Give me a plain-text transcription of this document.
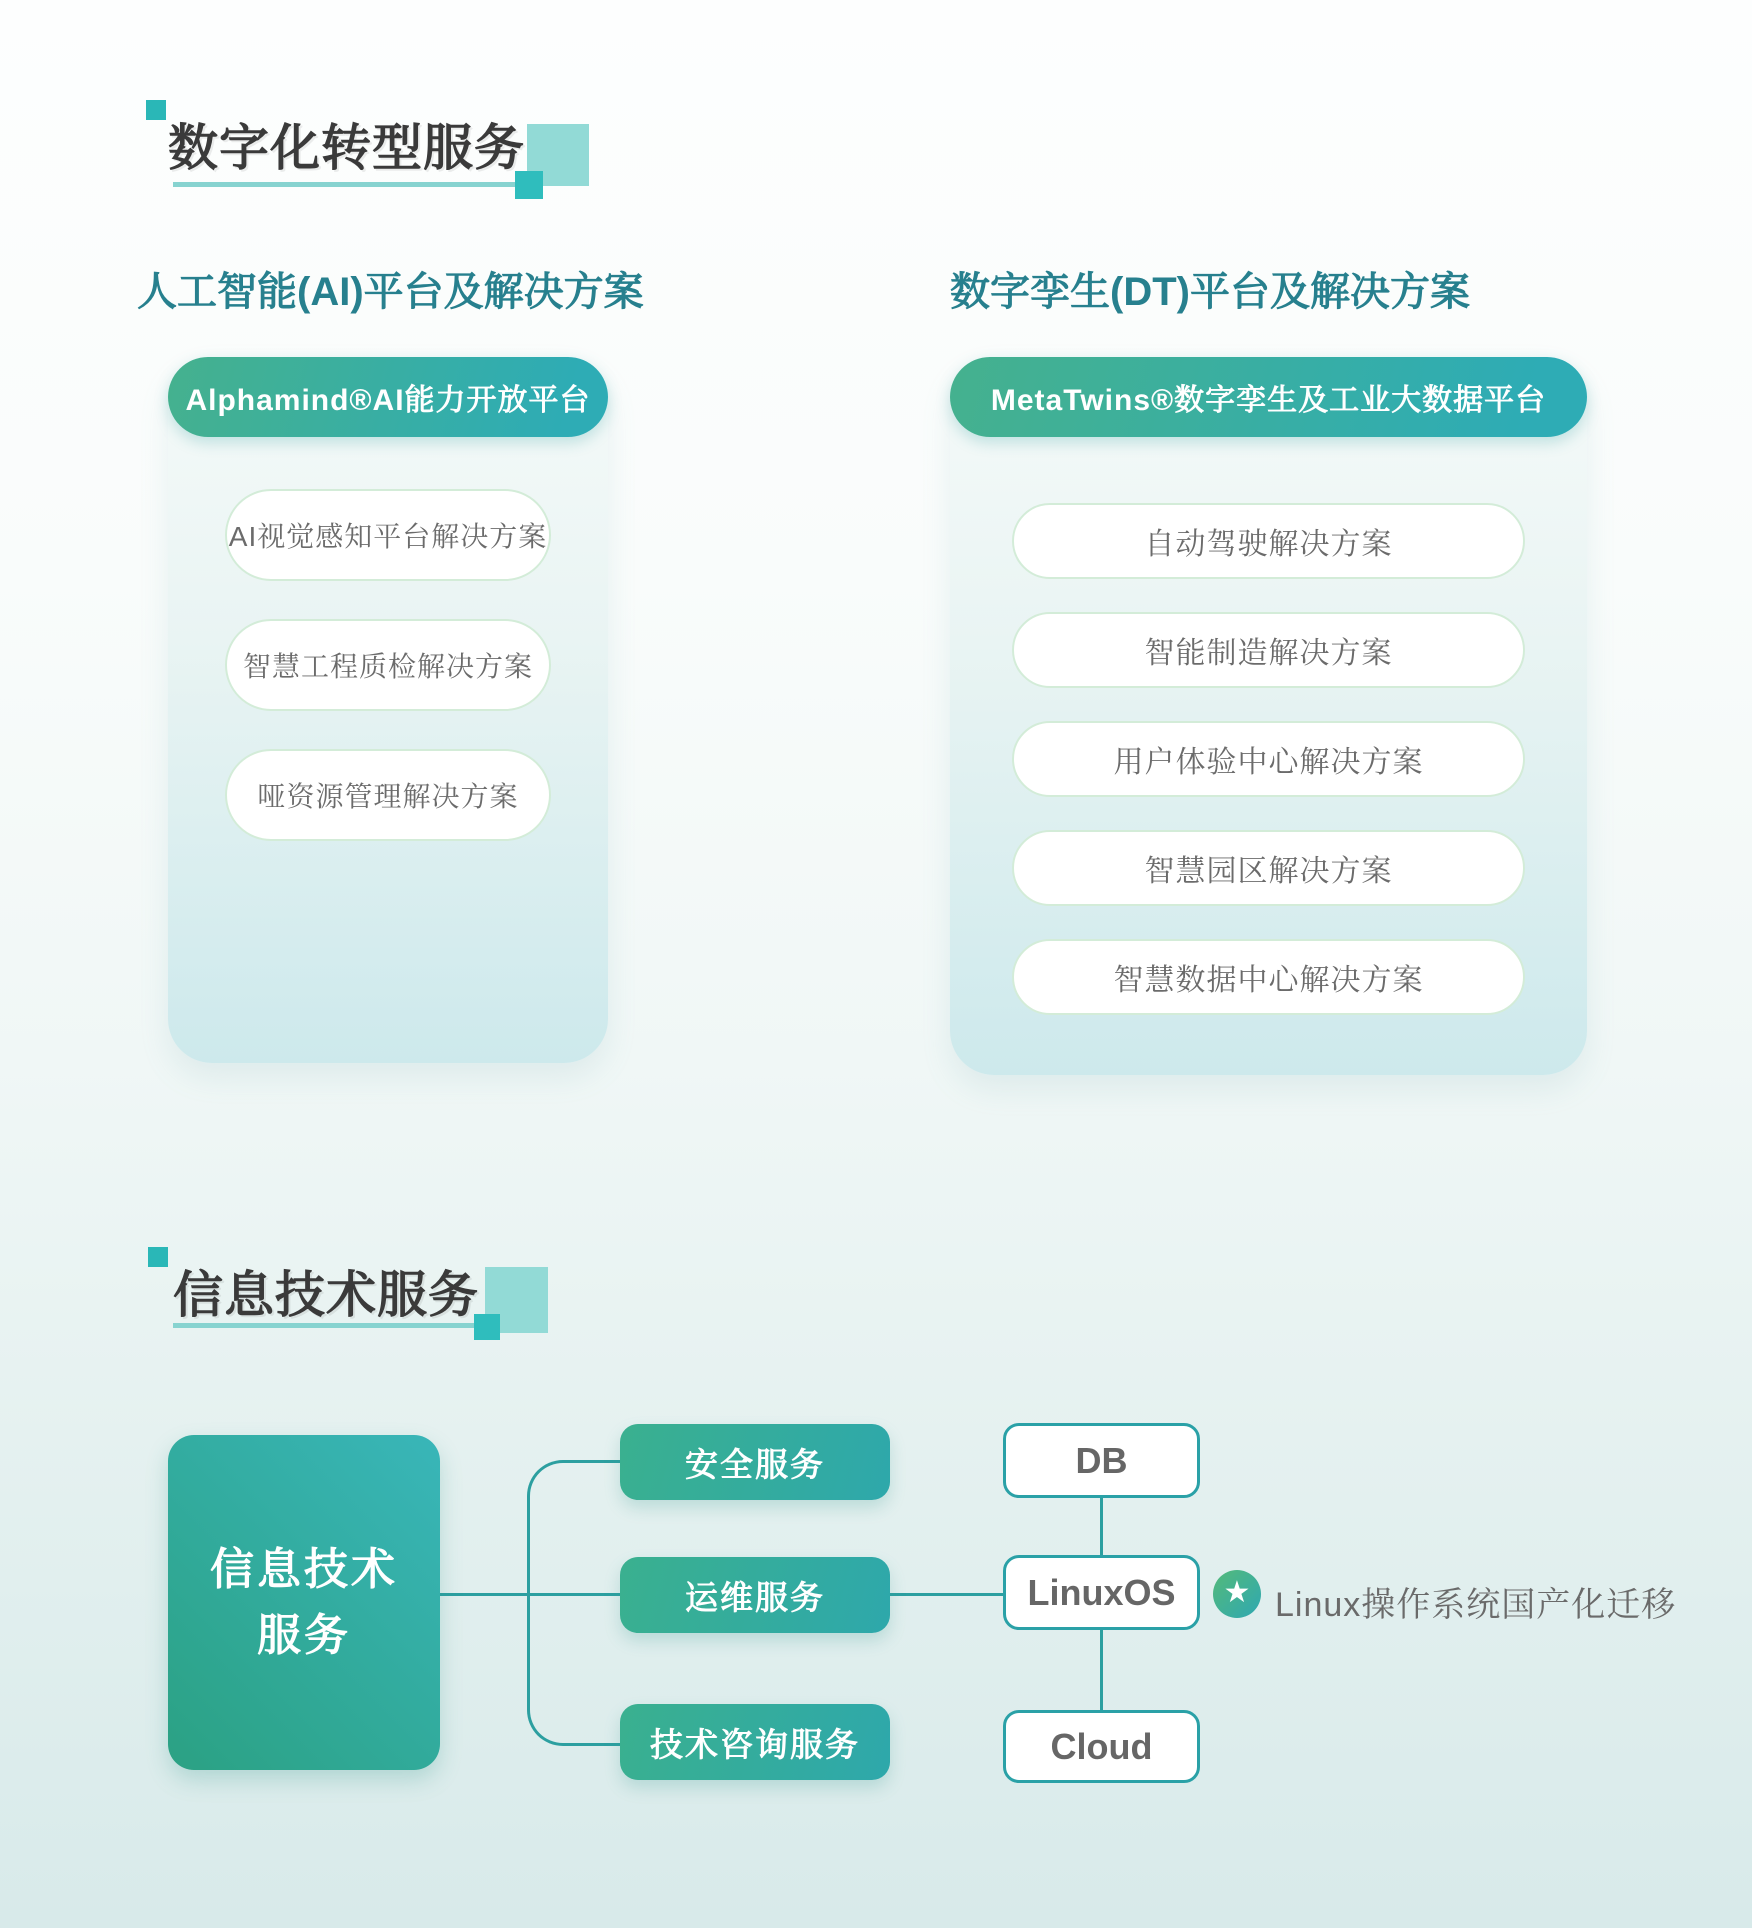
数字化转型服务
人工智能(AI)平台及解决方案	数字孪生(DT)平台及解决方案
Alphamind®AI能力开放平台
AI视觉感知平台解决方案
智慧工程质检解决方案
哑资源管理解决方案
MetaTwins®数字孪生及工业大数据平台
自动驾驶解决方案
智能制造解决方案
用户体验中心解决方案
智慧园区解决方案
智慧数据中心解决方案
信息技术服务
信息技术
服务
安全服务
运维服务
技术咨询服务
DB
LinuxOS
Cloud
★ Linux操作系统国产化迁移
